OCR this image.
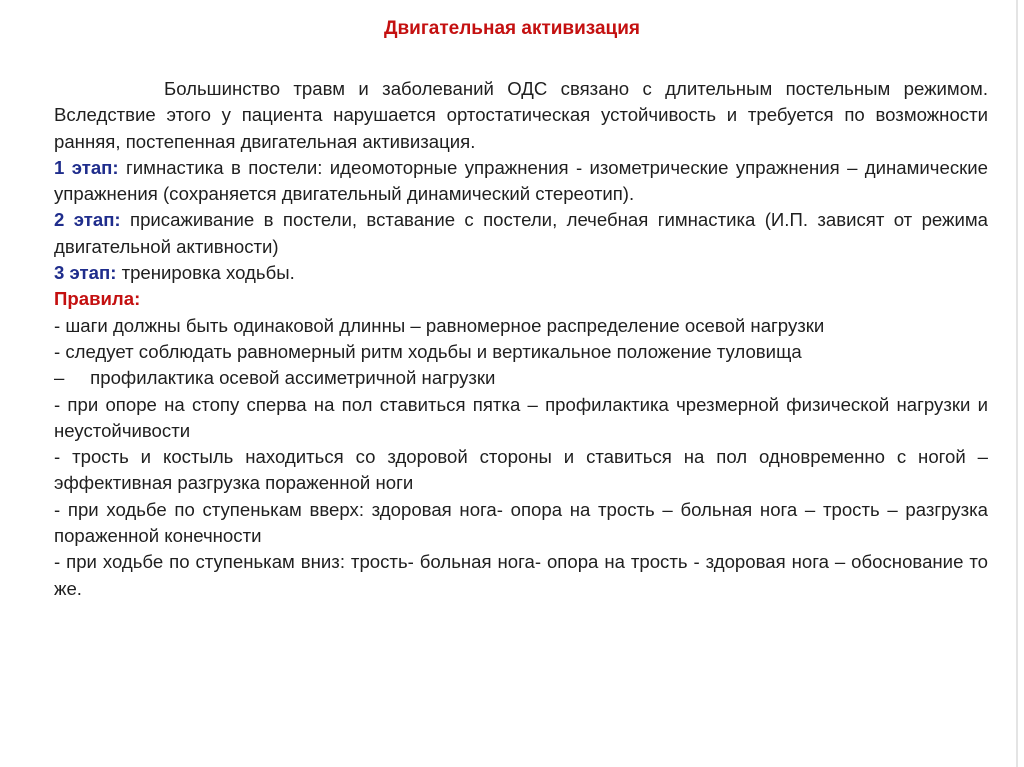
Двигательная активизация

Большинство травм и заболеваний ОДС связано с длительным постельным режимом. Вследствие этого у пациента нарушается ортостатическая устойчивость и требуется по возможности ранняя, постепенная двигательная активизация.

1 этап: гимнастика в постели: идеомоторные упражнения - изометрические упражнения – динамические упражнения (сохраняется двигательный динамический стереотип).

2 этап: присаживание в постели, вставание с постели, лечебная гимнастика (И.П. зависят от режима двигательной активности)

3 этап: тренировка ходьбы.

Правила:

- шаги должны быть одинаковой длинны – равномерное распределение осевой нагрузки

- следует соблюдать равномерный ритм ходьбы и вертикальное положение туловища

–     профилактика осевой ассиметричной нагрузки

- при опоре на стопу сперва на пол ставиться пятка – профилактика чрезмерной физической нагрузки и неустойчивости

- трость и костыль находиться со здоровой стороны и ставиться на пол одновременно с ногой – эффективная разгрузка пораженной ноги

- при ходьбе по ступенькам вверх: здоровая нога- опора на трость – больная нога – трость – разгрузка пораженной конечности

- при ходьбе по ступенькам вниз: трость- больная нога- опора на трость - здоровая нога – обоснование то же.
